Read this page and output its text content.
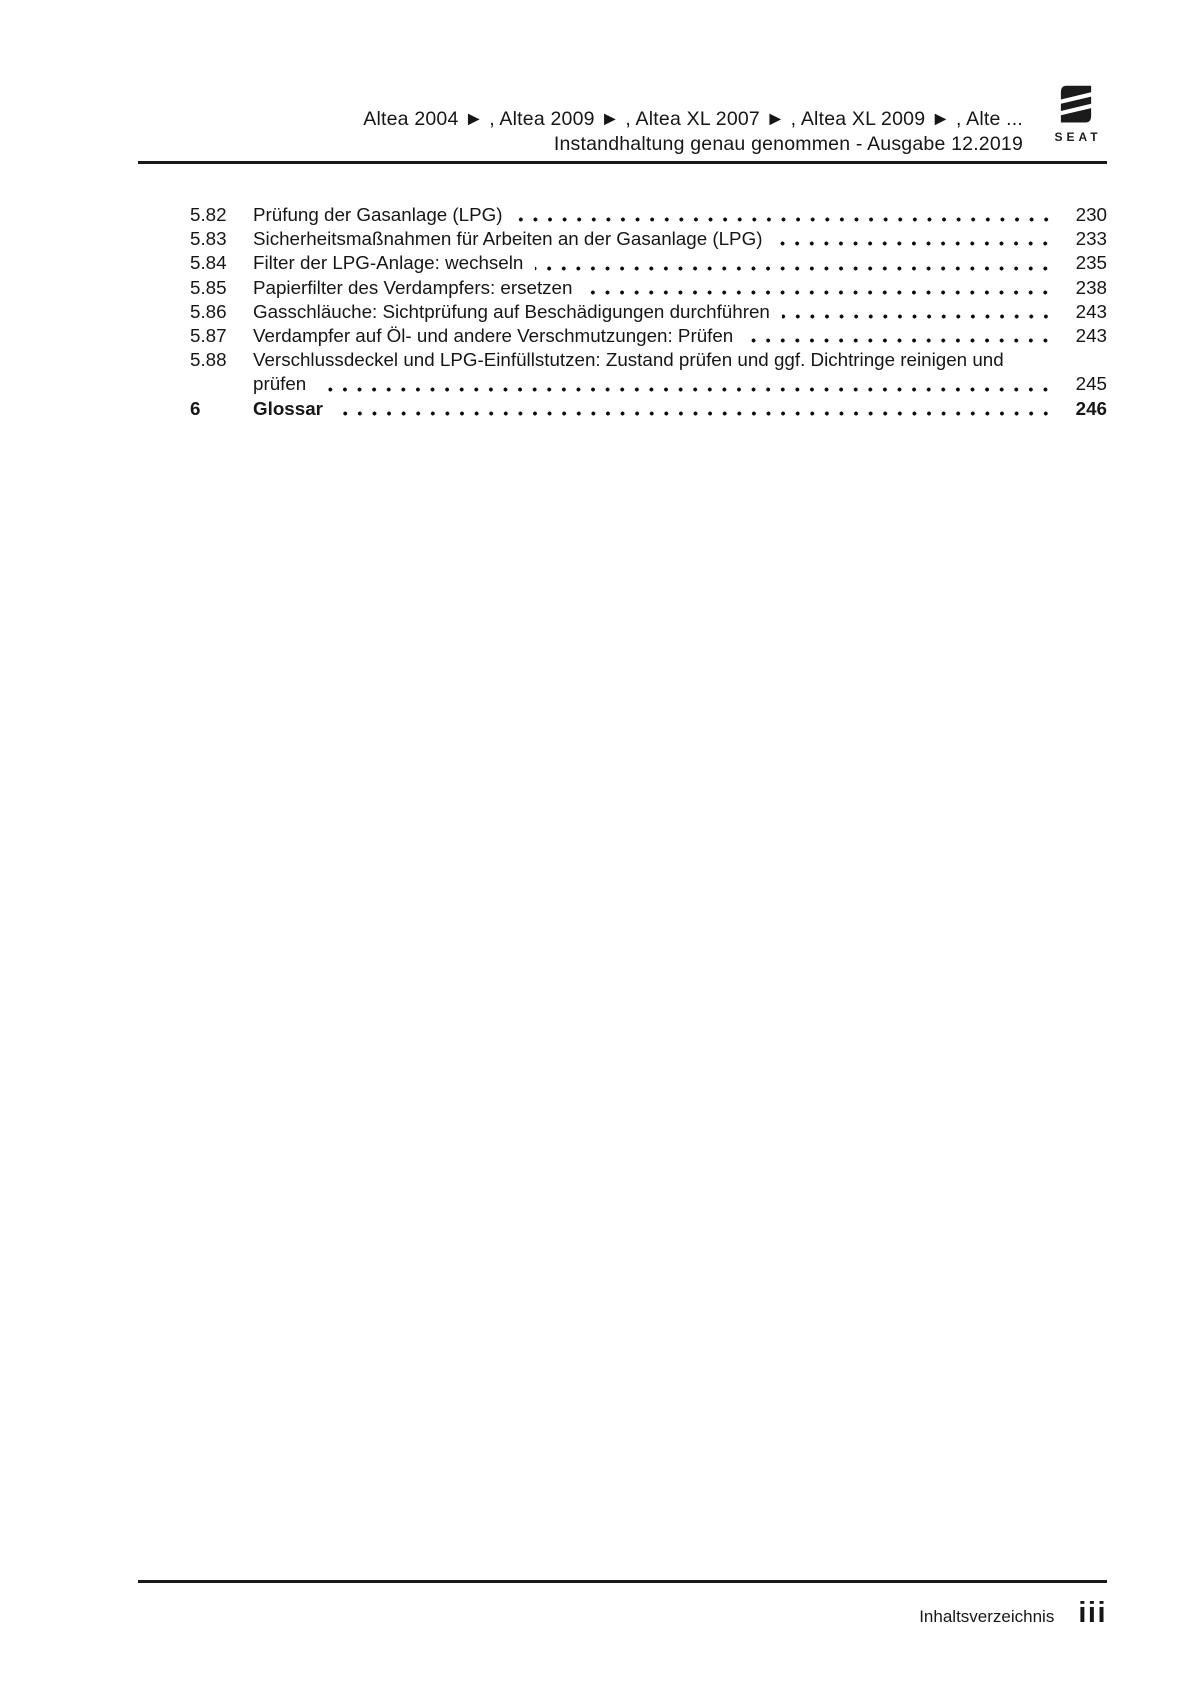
Altea 2004 ► , Altea 2009 ► , Altea XL 2007 ► , Altea XL 2009 ► , Alte ...
Instandhaltung genau genommen - Ausgabe 12.2019	SEAT
5.82	Prüfung der Gasanlage (LPG)	230
5.83	Sicherheitsmaßnahmen für Arbeiten an der Gasanlage (LPG)	233
5.84	Filter der LPG-Anlage: wechseln	235
5.85	Papierfilter des Verdampfers: ersetzen	238
5.86	Gasschläuche: Sichtprüfung auf Beschädigungen durchführen	243
5.87	Verdampfer auf Öl- und andere Verschmutzungen: Prüfen	243
5.88	Verschlussdeckel und LPG-Einfüllstutzen: Zustand prüfen und ggf. Dichtringe reinigen und
prüfen	245
6	Glossar	246
Inhaltsverzeichnis iii
